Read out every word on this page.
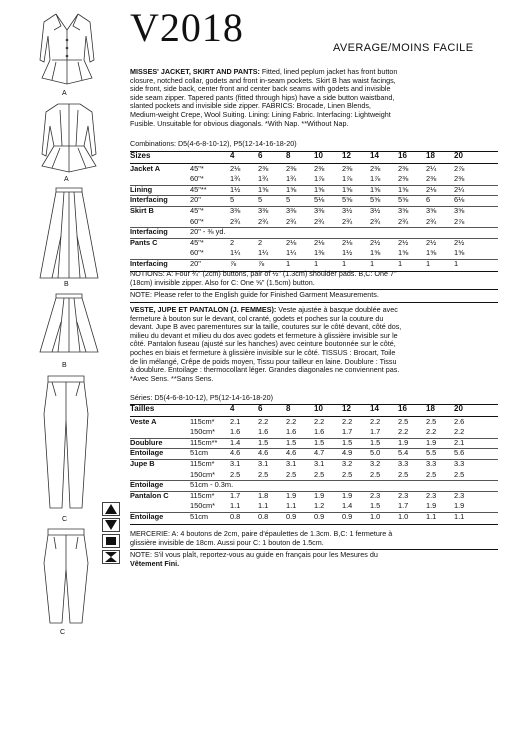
V2018	AVERAGE/MOINS FACILE
A
A
B
B
C
C
MISSES' JACKET, SKIRT AND PANTS: Fitted, lined peplum jacket has front button
closure, notched collar, godets and front in-seam pockets. Skirt B has waist facings,
side front, side back, center front and center back seams with godets and invisible
side seam zipper. Tapered pants (fitted through hips) have a side button waistband,
slanted pockets and invisible side zipper. FABRICS: Brocade, Linen Blends,
Medium-weight Crepe, Wool Suiting. Lining: Lining Fabric. Interfacing: Lightweight
Fusible. Unsuitable for obvious diagonals. *With Nap. **Without Nap.
Combinations: D5(4-6-8-10-12), P5(12-14-16-18-20)
Sizes	4	6	8	10 12 14 16 18 20
Jacket A	45"*	2⅛ 2⅜ 2⅜ 2⅜ 2⅜ 2⅜ 2⅜ 2¼ 2⅞
60"*	1¾ 1¾ 1¾ 1⅞ 1⅞ 1⅞ 2⅜ 2⅜ 2⅜
Lining	45"**	1½ 1⅝ 1⅝ 1⅝ 1⅝ 1⅝ 1⅝ 2⅛ 2¼
Interfacing	20"	5	5	5	5⅛ 5⅝ 5⅝ 5⅝ 6	6⅛
Skirt B	45"*	3⅜ 3⅜ 3⅜ 3⅜ 3½ 3½ 3⅝ 3⅝ 3⅝
60"*	2¾ 2¾ 2¾ 2¾ 2¾ 2¾ 2¾ 2¾ 2⅞
Interfacing	20" - ⅜ yd.
Pants C	45"*	2	2	2⅛ 2⅛ 2⅛ 2½ 2½ 2½ 2½
60"*	1¼ 1¼ 1¼ 1⅜ 1½ 1⅝ 1⅝ 1⅝ 1⅝
Interfacing	20"	⅞	⅞	1	1	1	1	1	1	1
NOTIONS: A: Four ¾" (2cm) buttons, pair of ½" (1.3cm) shoulder pads. B,C: One 7"
(18cm) invisible zipper. Also for C: One ⅝" (1.5cm) button.
NOTE: Please refer to the English guide for Finished Garment Measurements.
VESTE, JUPE ET PANTALON (J. FEMMES): Veste ajustée à basque doublée avec
fermeture à bouton sur le devant, col cranté, godets et poches sur la couture du
devant. Jupe B avec parementures sur la taille, coutures sur le côté devant, côté dos,
milieu du devant et milieu du dos avec godets et fermeture à glissière invisible sur le
côté. Pantalon fuseau (ajusté sur les hanches) avec ceinture boutonnée sur le côté,
poches en biais et fermeture à glissière invisible sur le côté. TISSUS : Brocart, Toile
de lin mélangé, Crêpe de poids moyen, Tissu pour tailleur en laine. Doublure : Tissu
à doublure. Entoilage : thermocollant léger. Grandes diagonales ne conviennent pas.
*Avec Sens. **Sans Sens.
Séries: D5(4-6-8-10-12), P5(12-14-16-18-20)
Tailles	4	6	8	10 12 14 16 18 20
Veste A	115cm* 2.1 2.2 2.2 2.2 2.2 2.2 2.5 2.5 2.6
150cm* 1.6 1.6 1.6 1.6 1.7 1.7 2.2 2.2 2.2
Doublure	115cm** 1.4 1.5 1.5 1.5 1.5 1.5 1.9 1.9 2.1
Entoilage	51cm	4.6 4.6 4.6 4.7 4.9 5.0 5.4 5.5 5.6
Jupe B	115cm* 3.1 3.1 3.1 3.1 3.2 3.2 3.3 3.3 3.3
150cm* 2.5 2.5 2.5 2.5 2.5 2.5 2.5 2.5 2.5
Entoilage	51cm - 0.3m.
Pantalon C	115cm* 1.7 1.8 1.9 1.9 1.9 2.3 2.3 2.3 2.3
150cm* 1.1 1.1 1.1 1.2 1.4 1.5 1.7 1.9 1.9
Entoilage	51cm	0.8 0.8 0.9 0.9 0.9 1.0 1.0 1.1 1.1
MERCERIE: A: 4 boutons de 2cm, paire d'épaulettes de 1.3cm. B,C: 1 fermeture à
glissière invisible de 18cm. Aussi pour C: 1 bouton de 1.5cm.
NOTE: S'il vous plaît, reportez-vous au guide en français pour les Mesures du
Vêtement Fini.
